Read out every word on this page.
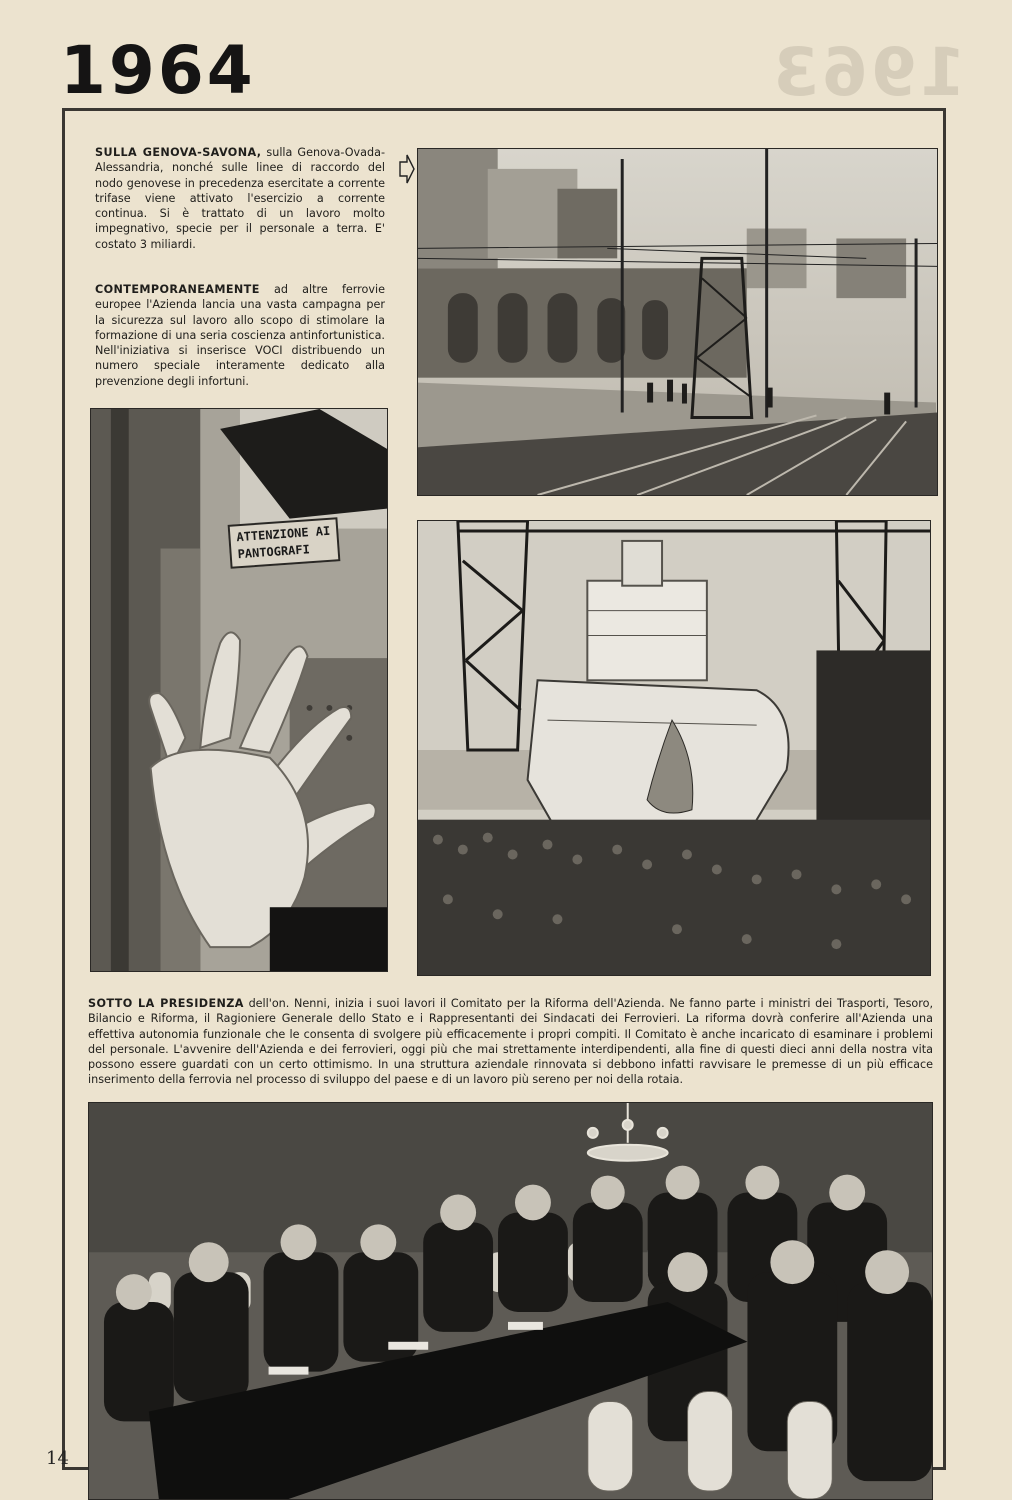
1963
1964

SULLA GENOVA-SAVONA, sulla Genova-Ovada-Alessandria, nonché sulle linee di raccordo del nodo genovese in precedenza esercitate a corrente trifase viene attivato l'esercizio a corrente continua. Si è trattato di un lavoro molto impegnativo, specie per il personale a terra. E' costato 3 miliardi.

CONTEMPORANEAMENTE ad altre ferrovie europee l'Azienda lancia una vasta campagna per la sicurezza sul lavoro allo scopo di stimolare la formazione di una seria coscienza antinfortunistica. Nell'iniziativa si inserisce VOCI distribuendo un numero speciale interamente dedicato alla prevenzione degli infortuni.

ATTENZIONE AI
PANTOGRAFI

SOTTO LA PRESIDENZA dell'on. Nenni, inizia i suoi lavori il Comitato per la Riforma dell'Azienda. Ne fanno parte i ministri dei Trasporti, Tesoro, Bilancio e Riforma, il Ragioniere Generale dello Stato e i Rappresentanti dei Sindacati dei Ferrovieri. La riforma dovrà conferire all'Azienda una effettiva autonomia funzionale che le consenta di svolgere più efficacemente i propri compiti. Il Comitato è anche incaricato di esaminare i problemi del personale. L'avvenire dell'Azienda e dei ferrovieri, oggi più che mai strettamente interdipendenti, alla fine di questi dieci anni della nostra vita possono essere guardati con un certo ottimismo. In una struttura aziendale rinnovata si debbono infatti ravvisare le premesse di un più efficace inserimento della ferrovia nel processo di sviluppo del paese e di un lavoro più sereno per noi della rotaia.

14
